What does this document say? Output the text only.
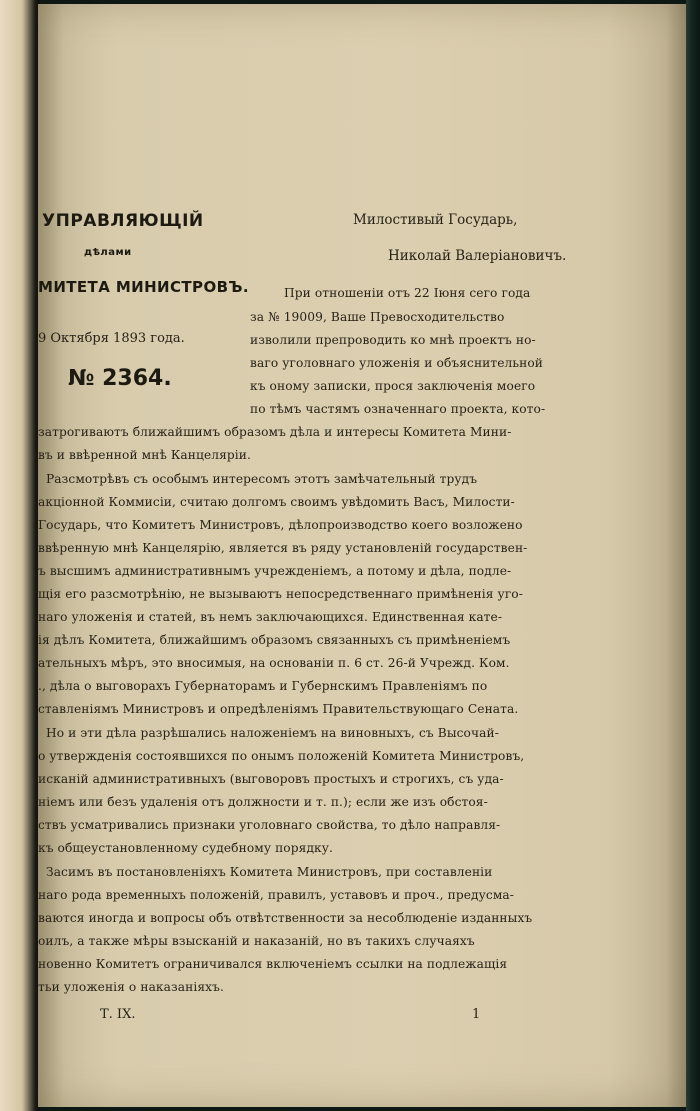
УПРАВЛЯЮЩІЙ
дѣлами
МИТЕТА МИНИСТРОВЪ.
9 Октября 1893 года.
№ 2364.
Милостивый Государь,
Николай Валеріановичъ.
При отношеніи отъ 22 Іюня сего года
за № 19009, Ваше Превосходительство
изволили препроводить ко мнѣ проектъ но-
ваго уголовнаго уложенія и объяснительной
къ оному записки, прося заключенія моего
по тѣмъ частямъ означеннаго проекта, кото-
затрогиваютъ ближайшимъ образомъ дѣла и интересы Комитета Мини-
въ и ввѣренной мнѣ Канцеляріи.
Разсмотрѣвъ съ особымъ интересомъ этотъ замѣчательный трудъ
акціонной Коммисіи, считаю долгомъ своимъ увѣдомить Васъ, Милости-
Государь, что Комитетъ Министровъ, дѣлопроизводство коего возложено
ввѣренную мнѣ Канцелярію, является въ ряду установленій государствен-
ъ высшимъ административнымъ учрежденіемъ, а потому и дѣла, подле-
щія его разсмотрѣнію, не вызываютъ непосредственнаго примѣненія уго-
наго уложенія и статей, въ немъ заключающихся. Единственная кате-
ія дѣлъ Комитета, ближайшимъ образомъ связанныхъ съ примѣненіемъ
ательныхъ мѣръ, это вносимыя, на основаніи п. 6 ст. 26-й Учрежд. Ком.
., дѣла о выговорахъ Губернаторамъ и Губернскимъ Правленіямъ по
ставленіямъ Министровъ и опредѣленіямъ Правительствующаго Сената.
Но и эти дѣла разрѣшались наложеніемъ на виновныхъ, съ Высочай-
о утвержденія состоявшихся по онымъ положеній Комитета Министровъ,
исканій административныхъ (выговоровъ простыхъ и строгихъ, съ уда-
ніемъ или безъ удаленія отъ должности и т. п.); если же изъ обстоя-
ствъ усматривались признаки уголовнаго свойства, то дѣло направля-
къ общеустановленному судебному порядку.
Засимъ въ постановленіяхъ Комитета Министровъ, при составленіи
наго рода временныхъ положеній, правилъ, уставовъ и проч., предусма-
ваются иногда и вопросы объ отвѣтственности за несоблюденіе изданныхъ
оилъ, а также мѣры взысканій и наказаній, но въ такихъ случаяхъ
новенно Комитетъ ограничивался включеніемъ ссылки на подлежащія
тьи уложенія о наказаніяхъ.
Т. IX.	1
